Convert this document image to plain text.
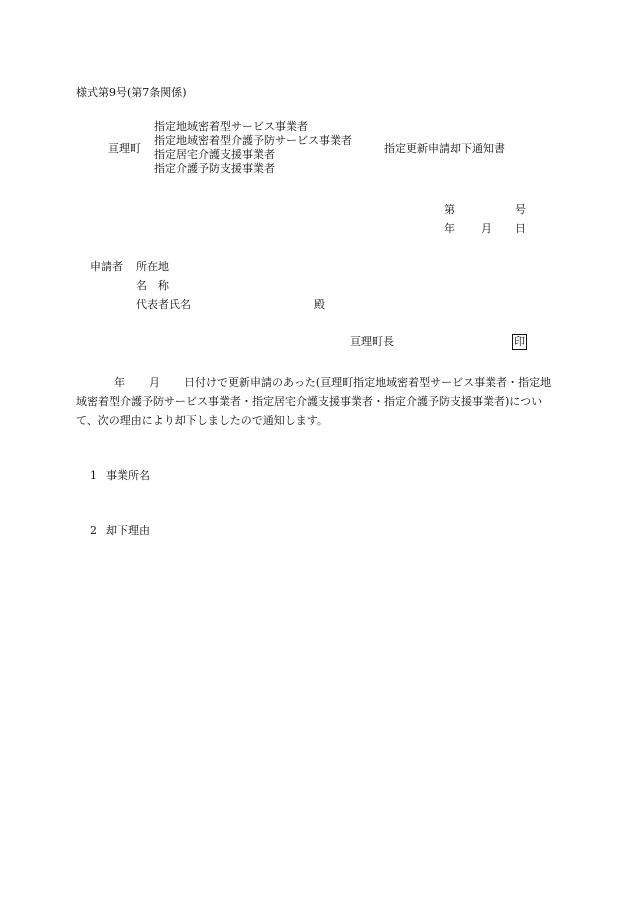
様式第9号(第7条関係)
亘理町
指定地域密着型サービス事業者
指定地域密着型介護予防サービス事業者
指定居宅介護支援事業者
指定介護予防支援事業者
指定更新申請却下通知書
第	号
年 月 日
申請者 所在地
名　称
代表者氏名	殿
亘理町長	印
年 月 日付けで更新申請のあった(亘理町指定地域密着型サービス事業者・指定地域密着型介護予防サービス事業者・指定居宅介護支援事業者・指定介護予防支援事業者)について、次の理由により却下しましたので通知します。
1 事業所名
2 却下理由
